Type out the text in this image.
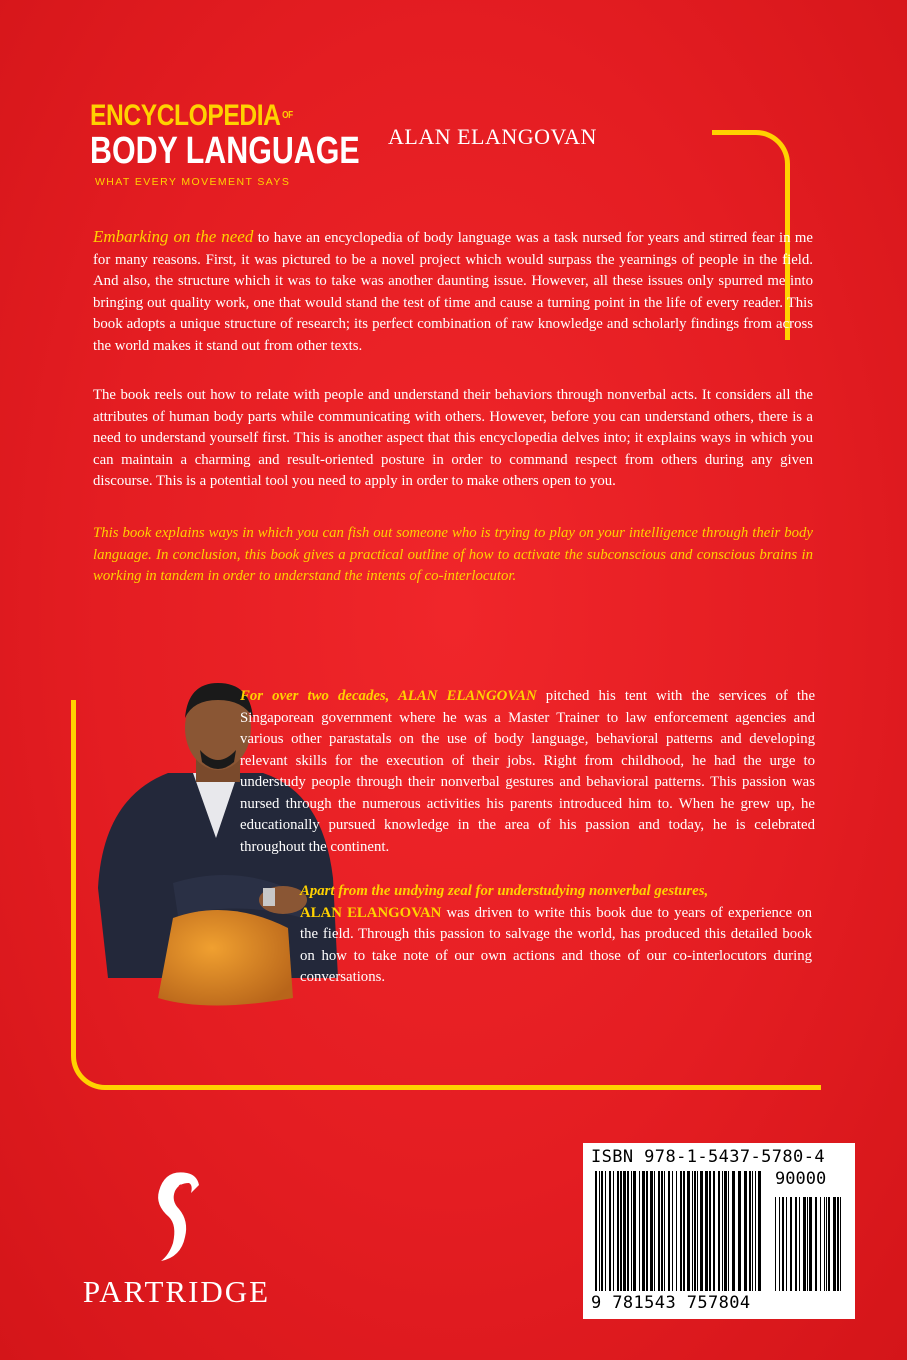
ENCYCLOPEDIA $^{OF}$
BODY LANGUAGE
WHAT EVERY MOVEMENT SAYS
ALAN ELANGOVAN

Embarking on the need to have an encyclopedia of body language was a task nursed for years and stirred fear in me for many reasons. First, it was pictured to be a novel project which would surpass the yearnings of people in the field. And also, the structure which it was to take was another daunting issue. However, all these issues only spurred me into bringing out quality work, one that would stand the test of time and cause a turning point in the life of every reader. This book adopts a unique structure of research; its perfect combination of raw knowledge and scholarly findings from across the world makes it stand out from other texts.

The book reels out how to relate with people and understand their behaviors through nonverbal acts. It considers all the attributes of human body parts while communicating with others. However, before you can understand others, there is a need to understand yourself first. This is another aspect that this encyclopedia delves into; it explains ways in which you can maintain a charming and result-oriented posture in order to command respect from others during any given discourse. This is a potential tool you need to apply in order to make others open to you.

This book explains ways in which you can fish out someone who is trying to play on your intelligence through their body language. In conclusion, this book gives a practical outline of how to activate the subconscious and conscious brains in working in tandem in order to understand the intents of co-interlocutor.

For over two decades, ALAN ELANGOVAN pitched his tent with the services of the Singaporean government where he was a Master Trainer to law enforcement agencies and various other parastatals on the use of body language, behavioral patterns and developing relevant skills for the execution of their jobs. Right from childhood, he had the urge to understudy people through their nonverbal gestures and behavioral patterns. This passion was nursed through the numerous activities his parents introduced him to. When he grew up, he educationally pursued knowledge in the area of his passion and today, he is celebrated throughout the continent.

Apart from the undying zeal for understudying nonverbal gestures,
ALAN ELANGOVAN was driven to write this book due to years of experience on the field. Through this passion to salvage the world, has produced this detailed book on how to take note of our own actions and those of our co-interlocutors during conversations.

PARTRIDGE
ISBN 978-1-5437-5780-4
90000
9 781543 757804
